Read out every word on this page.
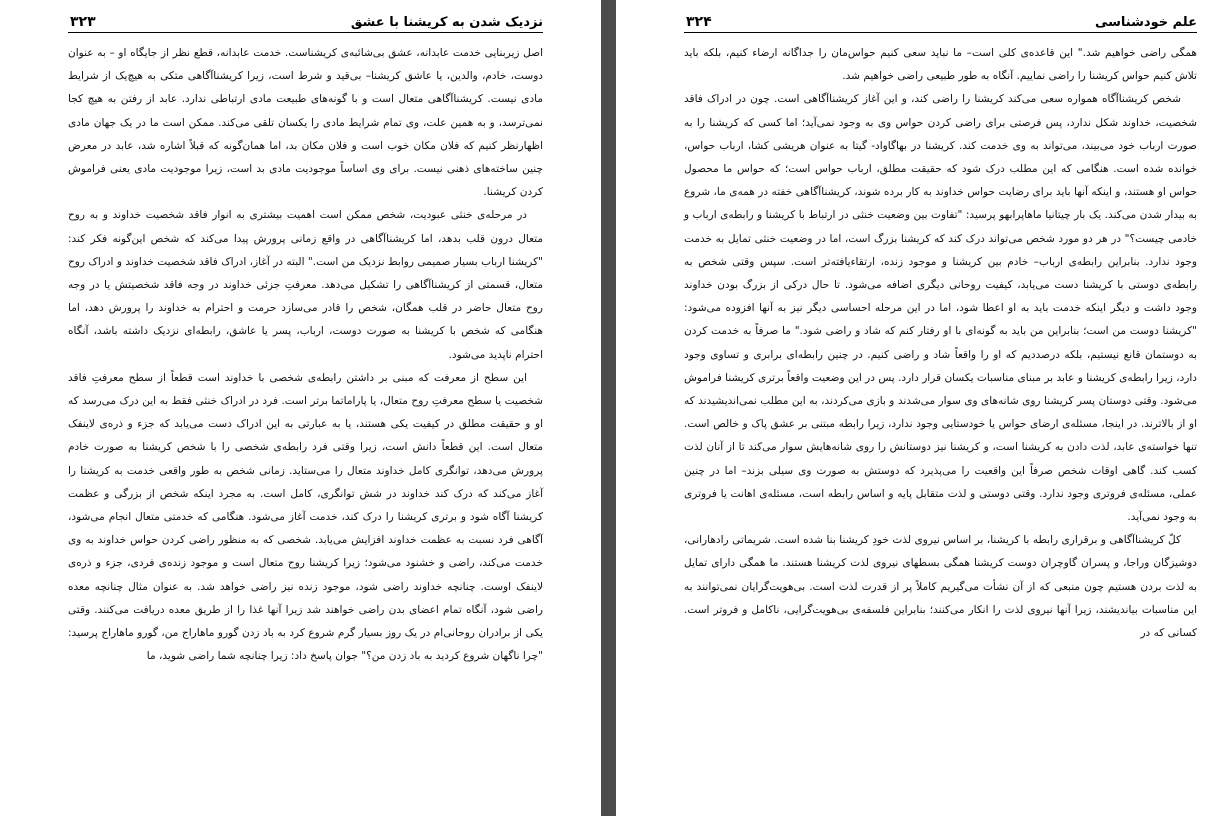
نزدیک شدن به کریشنا با عشق
۳۲۳

اصل زیربنایی خدمت عابدانه، عشق بی‌شائبه‌ی کریشناست. خدمت عابدانه، قطع نظر از جایگاه او – به عنوان دوست، خادم، والدین، یا عاشق کریشنا– بی‌قید و شرط است، زیرا کریشناآگاهی متکی به هیچ‌یک از شرایط مادی نیست. کریشناآگاهی متعال است و با گونه‌های طبیعت مادی ارتباطی ندارد. عابد از رفتن به هیچ کجا نمی‌ترسد، و به همین علت، وی تمام شرایط مادی را یکسان تلقی می‌کند. ممکن است ما در یک جهان مادی اظهارنظر کنیم که فلان مکان خوب است و فلان مکان بد، اما همان‌گونه که قبلاً اشاره شد، عابد در معرض چنین ساخته‌های ذهنی نیست. برای وی اساساً موجودیت مادی بد است، زیرا موجودیت مادی یعنی فراموش کردن کریشنا.

در مرحله‌ی خنثی عبودیت، شخص ممکن است اهمیت بیشتری به انوار فاقد شخصیت خداوند و به روح متعال درون قلب بدهد، اما کریشناآگاهی در واقع زمانی پرورش پیدا می‌کند که شخص این‌گونه فکر کند: "کریشنا ارباب بسیار صمیمی روابط نزدیک من است." البته در آغاز، ادراک فاقد شخصیت خداوند و ادراک روح متعال، قسمتی از کریشناآگاهی را تشکیل می‌دهد. معرفتِ جزئی خداوند در وجه فاقد شخصیتش یا در وجه روح متعال حاضر در قلب همگان، شخص را قادر می‌سازد حرمت و احترام به خداوند را پرورش دهد، اما هنگامی که شخص با کریشنا به صورت دوست، ارباب، پسر یا عاشق، رابطه‌ای نزدیک داشته باشد، آنگاه احترام ناپدید می‌شود.

این سطح از معرفت که مبنی بر داشتن رابطه‌ی شخصی با خداوند است قطعاً از سطح معرفتِ فاقد شخصیت یا سطح معرفتِ روح متعال، یا پاراماتما برتر است. فرد در ادراک خنثی فقط به این درک می‌رسد که او و حقیقت مطلق در کیفیت یکی هستند، یا به عبارتی به این ادراک دست می‌یابد که جزء و ذره‌ی لاینفک متعال است. این قطعاً دانش است، زیرا وقتی فرد رابطه‌ی شخصی را با شخص کریشنا به صورت خادم پرورش می‌دهد، توانگری کامل خداوند متعال را می‌ستاید. زمانی شخص به طور واقعی خدمت به کریشنا را آغاز می‌کند که درک کند خداوند در شش توانگری، کامل است. به مجرد اینکه شخص از بزرگی و عظمت کریشنا آگاه شود و برتری کریشنا را درک کند، خدمت آغاز می‌شود. هنگامی که خدمتی متعال انجام می‌شود، آگاهی فرد نسبت به عظمت خداوند افزایش می‌یابد. شخصی که به منظور راضی کردن حواس خداوند به وی خدمت می‌کند، راضی و خشنود می‌شود؛ زیرا کریشنا روح متعال است و موجود زنده‌ی فردی، جزء و ذره‌ی لاینفک اوست. چنانچه خداوند راضی شود، موجود زنده نیز راضی خواهد شد. به عنوان مثال چنانچه معده راضی شود، آنگاه تمام اعضای بدن راضی خواهند شد زیرا آنها غذا را از طریق معده دریافت می‌کنند. وقتی یکی از برادران روحانی‌ام در یک روز بسیار گرم شروع کرد به باد زدن گورو ماهاراج من، گورو ماهاراج پرسید: "چرا ناگهان شروع کردید به باد زدن من؟" جوان پاسخ داد: زیرا چنانچه شما راضی شوید، ما

علم خودشناسی
۳۲۴

همگی راضی خواهیم شد." این قاعده‌ی کلی است– ما نباید سعی کنیم حواس‌مان را جداگانه ارضاء کنیم، بلکه باید تلاش کنیم حواس کریشنا را راضی نماییم. آنگاه به طور طبیعی راضی خواهیم شد.

شخص کریشناآگاه همواره سعی می‌کند کریشنا را راضی کند، و این آغاز کریشناآگاهی است. چون در ادراک فاقد شخصیت، خداوند شکل ندارد، پس فرصتی برای راضی کردن حواس وی به وجود نمی‌آید؛ اما کسی که کریشنا را به صورت ارباب خود می‌بیند، می‌تواند به وی خدمت کند. کریشنا در بهاگاواد- گیتا به عنوان هریشی کشا، ارباب حواس، خوانده شده است. هنگامی که این مطلب درک شود که حقیقت مطلق، ارباب حواس است؛ که حواس ما محصول حواس او هستند، و اینکه آنها باید برای رضایت حواس خداوند به کار برده شوند، کریشناآگاهی خفته در همه‌ی ما، شروع به بیدار شدن می‌کند. یک بار چیتانیا ماهاپرابهو پرسید: "تفاوت بین وضعیت خنثی در ارتباط با کریشنا و رابطه‌ی ارباب و خادمی چیست؟" در هر دو مورد شخص می‌تواند درک کند که کریشنا بزرگ است، اما در وضعیت خنثی تمایل به خدمت وجود ندارد. بنابراین رابطه‌ی ارباب– خادم بین کریشنا و موجود زنده، ارتقاءیافته‌تر است. سپس وقتی شخص به رابطه‌ی دوستی با کریشنا دست می‌یابد، کیفیت روحانی دیگری اضافه می‌شود. تا حال درکی از بزرگ بودن خداوند وجود داشت و دیگر اینکه خدمت باید به او اعطا شود، اما در این مرحله احساسی دیگر نیز به آنها افزوده می‌شود: "کریشنا دوست من است؛ بنابراین من باید به گونه‌ای با او رفتار کنم که شاد و راضی شود." ما صرفاً به خدمت کردن به دوستمان قانع نیستیم، بلکه درصددیم که او را واقعاً شاد و راضی کنیم. در چنین رابطه‌ای برابری و تساوی وجود دارد، زیرا رابطه‌ی کریشنا و عابد بر مبنای مناسبات یکسان قرار دارد. پس در این وضعیت واقعاً برتری کریشنا فراموش می‌شود. وقتی دوستان پسر کریشنا روی شانه‌های وی سوار می‌شدند و بازی می‌کردند، به این مطلب نمی‌اندیشیدند که او از بالاترند. در اینجا، مسئله‌ی ارضای حواس یا خودستایی وجود ندارد، زیرا رابطه مبتنی بر عشق پاک و خالص است. تنها خواسته‌ی عابد، لذت دادن به کریشنا است، و کریشنا نیز دوستانش را روی شانه‌هایش سوار می‌کند تا از آنان لذت کسب کند. گاهی اوقات شخص صرفاً این واقعیت را می‌پذیرد که دوستش به صورت وی سیلی بزند– اما در چنین عملی، مسئله‌ی فروتری وجود ندارد. وقتی دوستی و لذت متقابل پایه و اساس رابطه است، مسئله‌ی اهانت یا فروتری به وجود نمی‌آید.

کلّ کریشناآگاهی و برقراری رابطه با کریشنا، بر اساس نیروی لذت خودِ کریشنا بنا شده است. شریماتی رادهارانی، دوشیزگان وراجا، و پسران گاوچران دوست کریشنا همگی بسطهای نیروی لذت کریشنا هستند. ما همگی دارای تمایل به لذت بردن هستیم چون منبعی که از آن نشأت می‌گیریم کاملاً پر از قدرت لذت است. بی‌هویت‌گرایان نمی‌توانند به این مناسبات بیاندیشند، زیرا آنها نیروی لذت را انکار می‌کنند؛ بنابراین فلسفه‌ی بی‌هویت‌گرایی، ناکامل و فروتر است. کسانی که در
